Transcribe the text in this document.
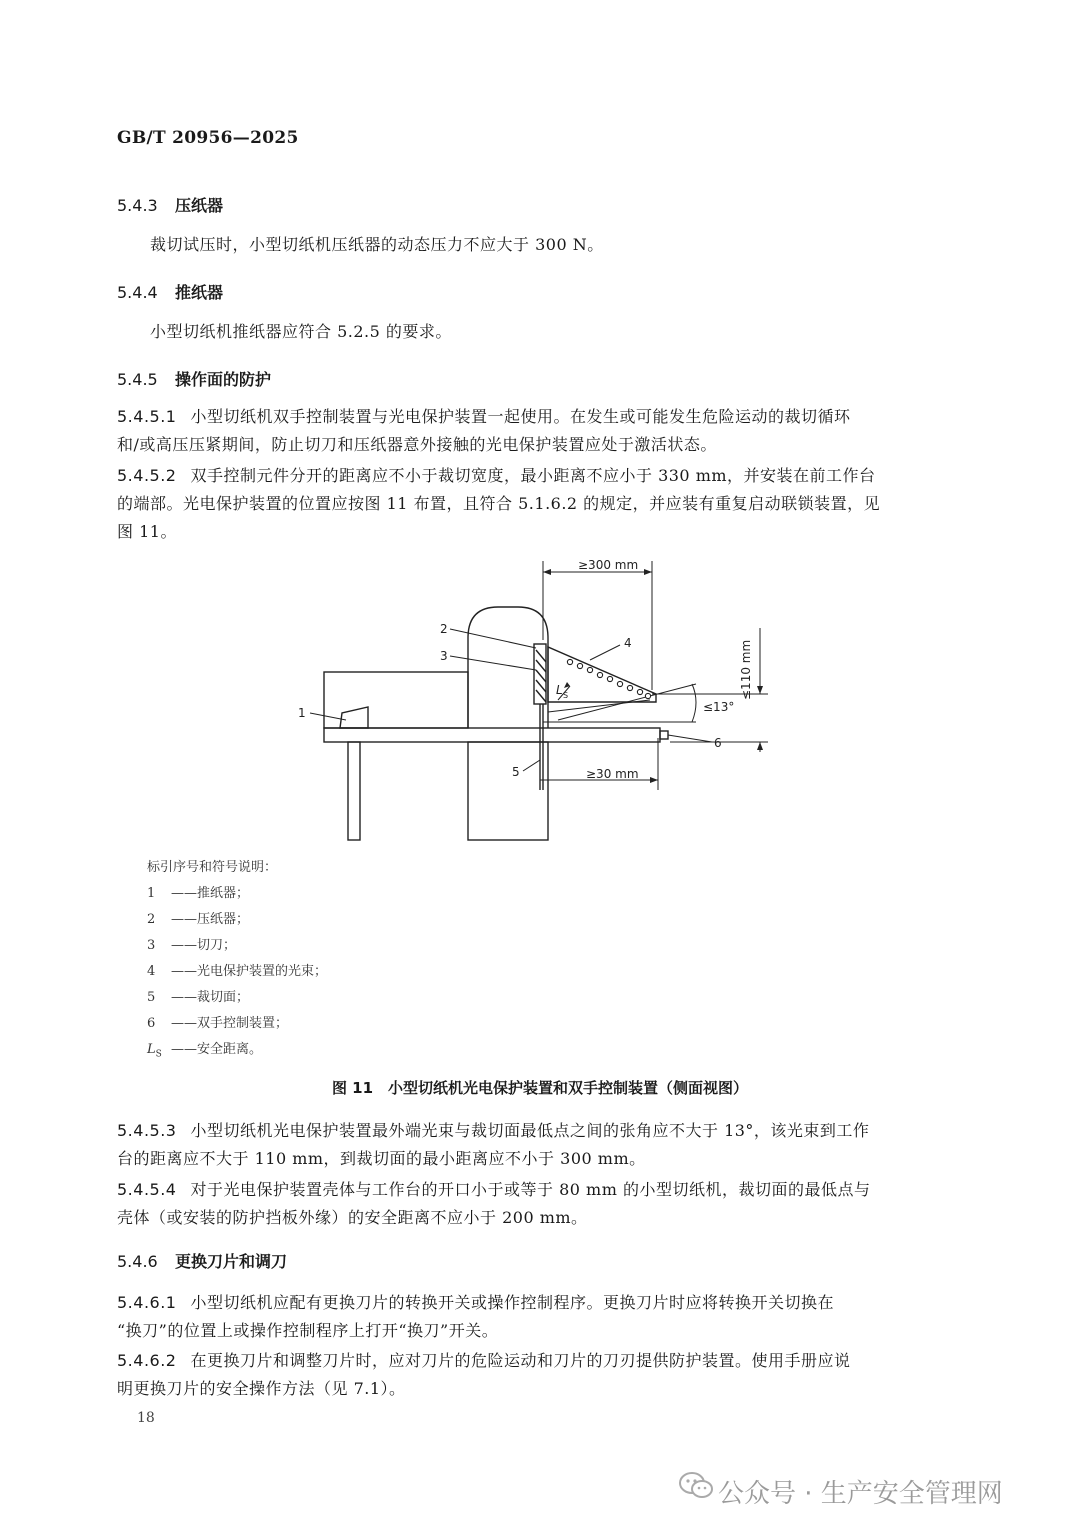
GB/T 20956—2025
5.4.3 压纸器
裁切试压时，小型切纸机压纸器的动态压力不应大于 300 N。
5.4.4 推纸器
小型切纸机推纸器应符合 5.2.5 的要求。
5.4.5 操作面的防护
5.4.5.1 小型切纸机双手控制装置与光电保护装置一起使用。在发生或可能发生危险运动的裁切循环
和/或高压压紧期间，防止切刀和压纸器意外接触的光电保护装置应处于激活状态。
5.4.5.2 双手控制元件分开的距离应不小于裁切宽度，最小距离不应小于 330 mm，并安装在前工作台
的端部。光电保护装置的位置应按图 11 布置，且符合 5.1.6.2 的规定，并应装有重复启动联锁装置，见
图 11。
≥300 mm
≤110 mm
≤13°
≥30 mm
2
3
1
4
5
6
L S
标引序号和符号说明：
1 ——推纸器；
2 ——压纸器；
3 ——切刀；
4 ——光电保护装置的光束；
5 ——裁切面；
6 ——双手控制装置；
$L_S$ ——安全距离。
图 11　小型切纸机光电保护装置和双手控制装置（侧面视图）
5.4.5.3 小型切纸机光电保护装置最外端光束与裁切面最低点之间的张角应不大于 13°，该光束到工作
台的距离应不大于 110 mm，到裁切面的最小距离应不小于 300 mm。
5.4.5.4 对于光电保护装置壳体与工作台的开口小于或等于 80 mm 的小型切纸机，裁切面的最低点与
壳体（或安装的防护挡板外缘）的安全距离不应小于 200 mm。
5.4.6 更换刀片和调刀
5.4.6.1 小型切纸机应配有更换刀片的转换开关或操作控制程序。更换刀片时应将转换开关切换在
“换刀”的位置上或操作控制程序上打开“换刀”开关。
5.4.6.2 在更换刀片和调整刀片时，应对刀片的危险运动和刀片的刀刃提供防护装置。使用手册应说
明更换刀片的安全操作方法（见 7.1）。
18
公众号 · 生产安全管理网
